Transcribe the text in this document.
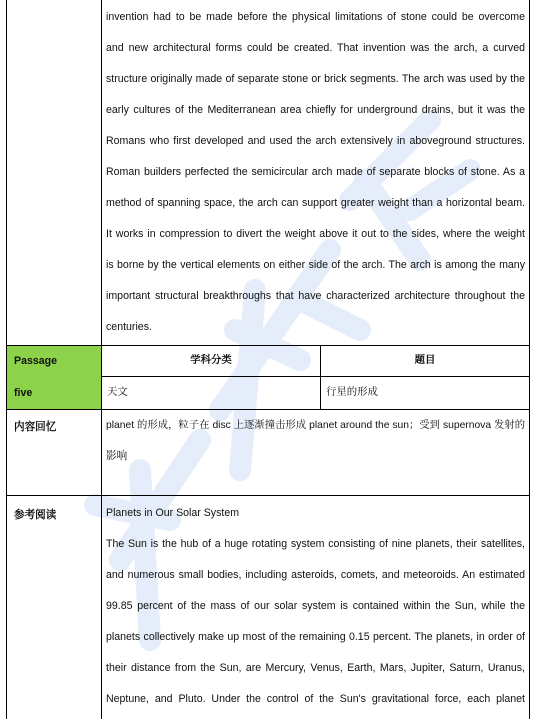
invention had to be made before the physical limitations of stone could be overcome
and new architectural forms could be created. That invention was the arch, a curved
structure originally made of separate stone or brick segments. The arch was used by the
early cultures of the Mediterranean area chiefly for underground drains, but it was the
Romans who first developed and used the arch extensively in aboveground structures.
Roman builders perfected the semicircular arch made of separate blocks of stone. As a
method of spanning space, the arch can support greater weight than a horizontal beam.
It works in compression to divert the weight above it out to the sides, where the weight
is borne by the vertical elements on either side of the arch. The arch is among the many
important structural breakthroughs that have characterized architecture throughout the
centuries.
Passage
five
学科分类	题目
天文	行星的形成
内容回忆	planet 的形成，粒子在 disc 上逐渐撞击形成 planet around the sun；受到 supernova 发射的
影响
参考阅读	Planets in Our Solar System
The Sun is the hub of a huge rotating system consisting of nine planets, their satellites,
and numerous small bodies, including asteroids, comets, and meteoroids. An estimated
99.85 percent of the mass of our solar system is contained within the Sun, while the
planets collectively make up most of the remaining 0.15 percent. The planets, in order of
their distance from the Sun, are Mercury, Venus, Earth, Mars, Jupiter, Saturn, Uranus,
Neptune, and Pluto. Under the control of the Sun's gravitational force, each planet
